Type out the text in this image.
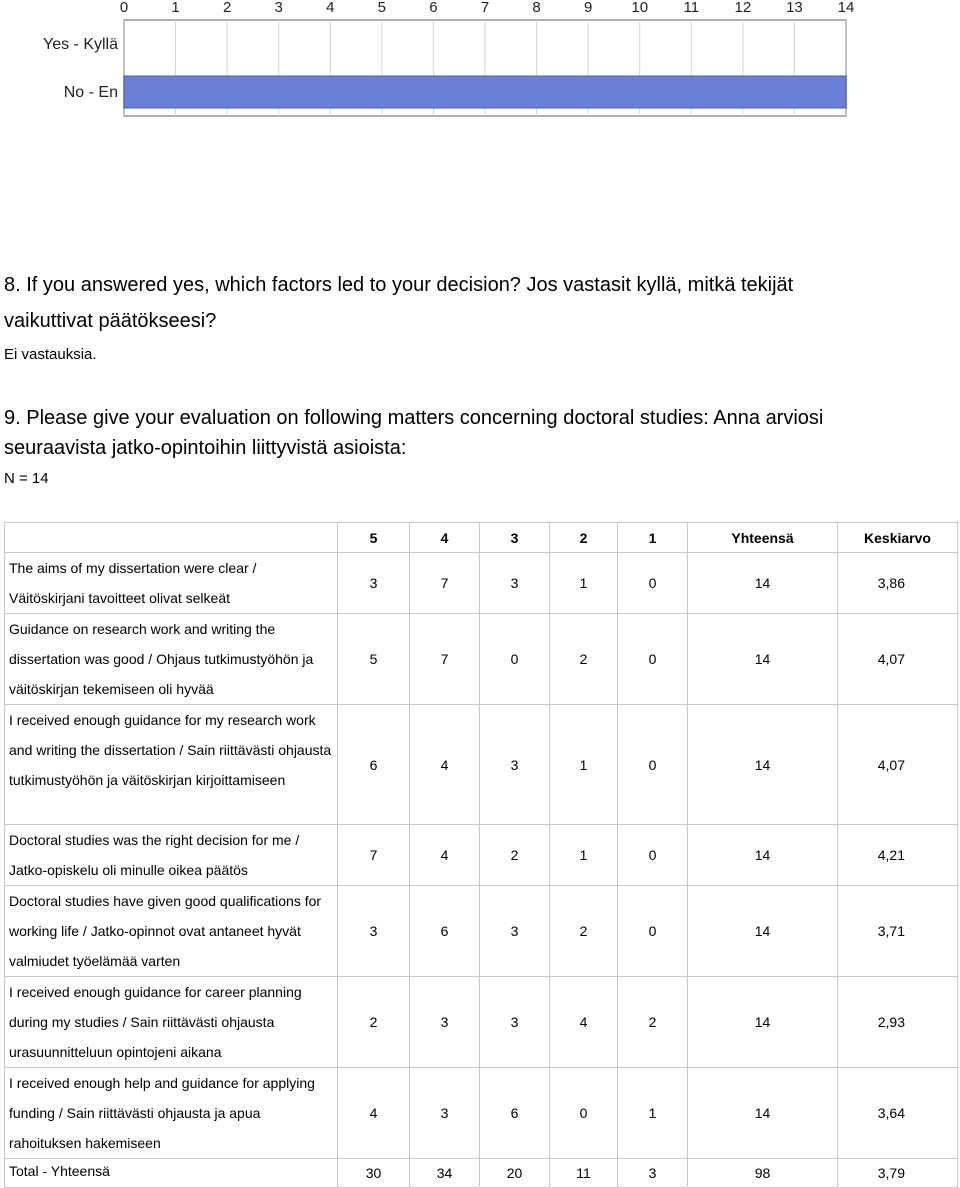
0	1	2	3	4	5	6	7	8	9	10 11 12 13 14
Yes - Kyllä
No - En
8. If you answered yes, which factors led to your decision? Jos vastasit kyllä, mitkä tekijät
vaikuttivat päätökseesi?
Ei vastauksia.
9. Please give your evaluation on following matters concerning doctoral studies: Anna arviosi
seuraavista jatko-opintoihin liittyvistä asioista:
N = 14
	5	4	3	2	1	Yhteensä	Keskiarvo
The aims of my dissertation were clear / Väitöskirjani tavoitteet olivat selkeät	3	7	3	1	0	14	3,86
Guidance on research work and writing the dissertation was good / Ohjaus tutkimustyöhön ja väitöskirjan tekemiseen oli hyvää	5	7	0	2	0	14	4,07
I received enough guidance for my research work and writing the dissertation / Sain riittävästi ohjausta tutkimustyöhön ja väitöskirjan kirjoittamiseen	6	4	3	1	0	14	4,07
Doctoral studies was the right decision for me / Jatko-opiskelu oli minulle oikea päätös	7	4	2	1	0	14	4,21
Doctoral studies have given good qualifications for working life / Jatko-opinnot ovat antaneet hyvät valmiudet työelämää varten	3	6	3	2	0	14	3,71
I received enough guidance for career planning during my studies / Sain riittävästi ohjausta urasuunnitteluun opintojeni aikana	2	3	3	4	2	14	2,93
I received enough help and guidance for applying funding / Sain riittävästi ohjausta ja apua rahoituksen hakemiseen	4	3	6	0	1	14	3,64
Total - Yhteensä	30	34	20	11	3	98	3,79
